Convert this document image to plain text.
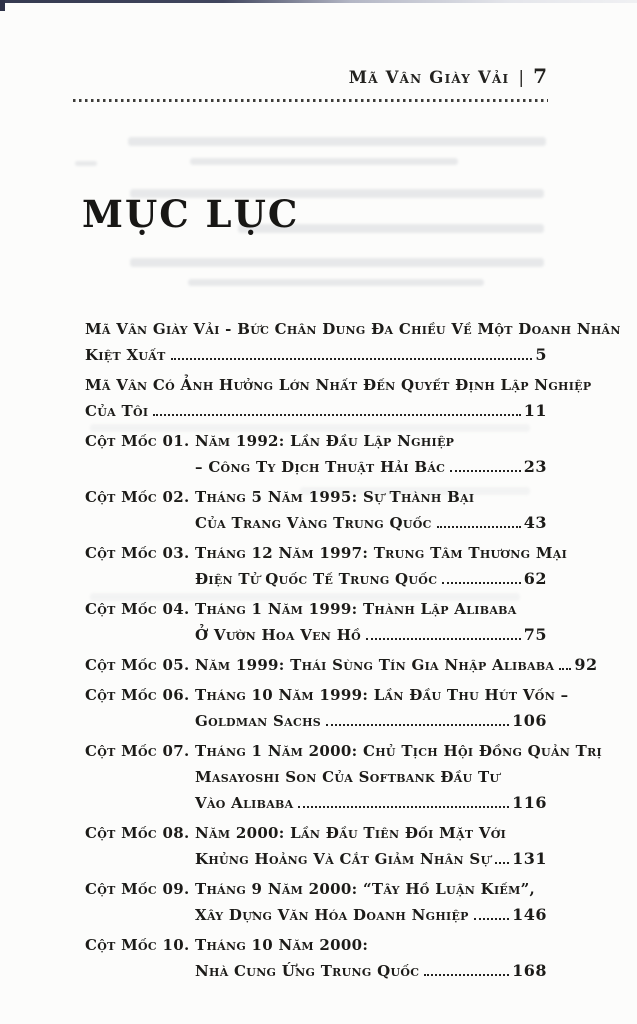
Mã Vân Giày Vải | 7
MỤC LỤC
Mã Vân Giày Vải - Bức Chân Dung Đa Chiều Về Một Doanh Nhân
Kiệt Xuất	5
Mã Vân Có Ảnh Hưởng Lớn Nhất Đến Quyết Định Lập Nghiệp
Của Tôi	11
Cột Mốc 01. Năm 1992: Lần Đầu Lập Nghiệp
– Công Ty Dịch Thuật Hải Bác	23
Cột Mốc 02. Tháng 5 Năm 1995: Sự Thành Bại
Của Trang Vàng Trung Quốc	43
Cột Mốc 03. Tháng 12 Năm 1997: Trung Tâm Thương Mại
Điện Tử Quốc Tế Trung Quốc	62
Cột Mốc 04. Tháng 1 Năm 1999: Thành Lập Alibaba
Ở Vườn Hoa Ven Hồ	75
Cột Mốc 05. Năm 1999: Thái Sùng Tín Gia Nhập Alibaba 92
Cột Mốc 06. Tháng 10 Năm 1999: Lần Đầu Thu Hút Vốn –
Goldman Sachs	106
Cột Mốc 07. Tháng 1 Năm 2000: Chủ Tịch Hội Đồng Quản Trị
Masayoshi Son Của Softbank Đầu Tư
Vào Alibaba	116
Cột Mốc 08. Năm 2000: Lần Đầu Tiên Đối Mặt Với
Khủng Hoảng Và Cắt Giảm Nhân Sự 131
Cột Mốc 09. Tháng 9 Năm 2000: “Tây Hồ Luận Kiếm”,
Xây Dựng Văn Hóa Doanh Nghiệp	146
Cột Mốc 10. Tháng 10 Năm 2000:
Nhà Cung Ứng Trung Quốc	168
